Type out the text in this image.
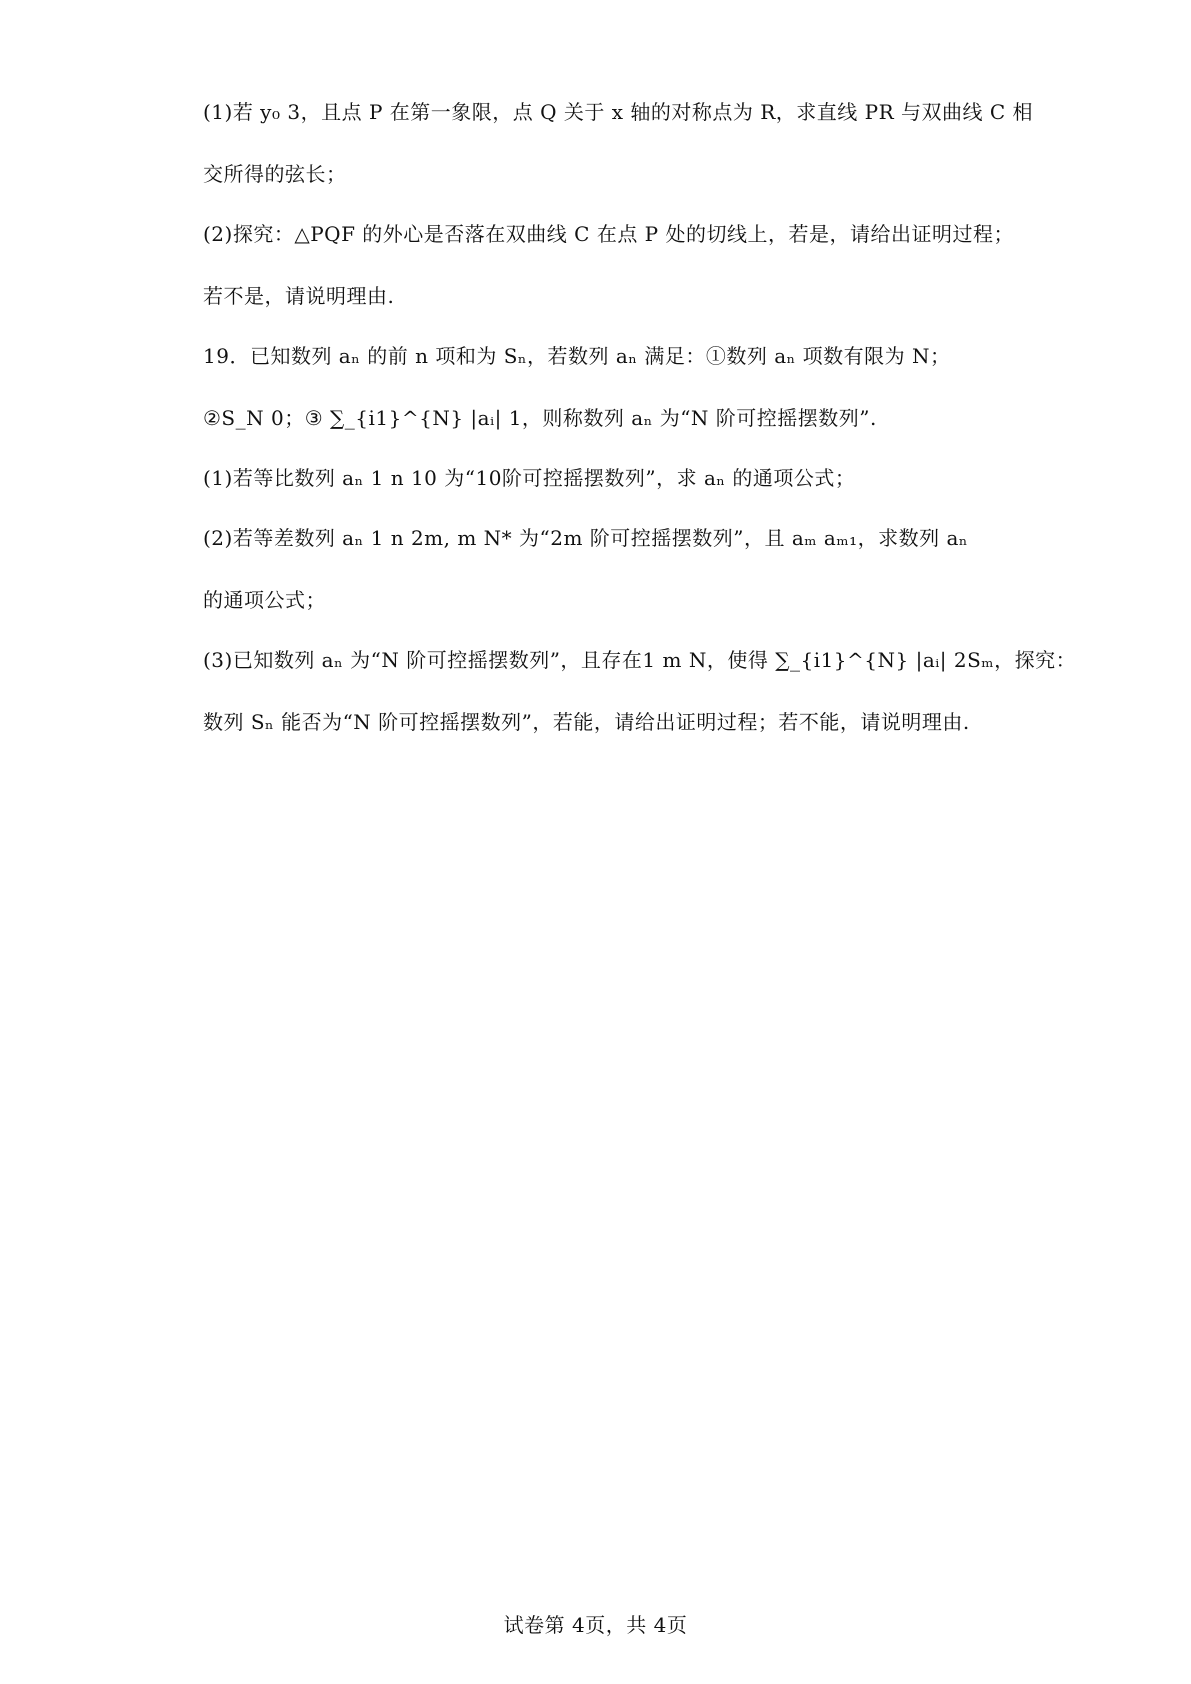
(1)若 y₀ 3，且点 P 在第一象限，点 Q 关于 x 轴的对称点为 R，求直线 PR 与双曲线 C 相
交所得的弦长；
(2)探究：△PQF 的外心是否落在双曲线 C 在点 P 处的切线上，若是，请给出证明过程；
若不是，请说明理由.
19．已知数列 aₙ 的前 n 项和为 Sₙ，若数列 aₙ 满足：①数列 aₙ 项数有限为 N；
②S_N 0；③ ∑_{i1}^{N} |aᵢ| 1，则称数列 aₙ 为“N 阶可控摇摆数列”.
(1)若等比数列 aₙ 1 n 10 为“10阶可控摇摆数列”，求 aₙ 的通项公式；
(2)若等差数列 aₙ 1 n 2m, m N* 为“2m 阶可控摇摆数列”，且 aₘ aₘ₁，求数列 aₙ
的通项公式；
(3)已知数列 aₙ 为“N 阶可控摇摆数列”，且存在1 m N，使得 ∑_{i1}^{N} |aᵢ| 2Sₘ，探究：
数列 Sₙ 能否为“N 阶可控摇摆数列”，若能，请给出证明过程；若不能，请说明理由.
试卷第 4页，共 4页
